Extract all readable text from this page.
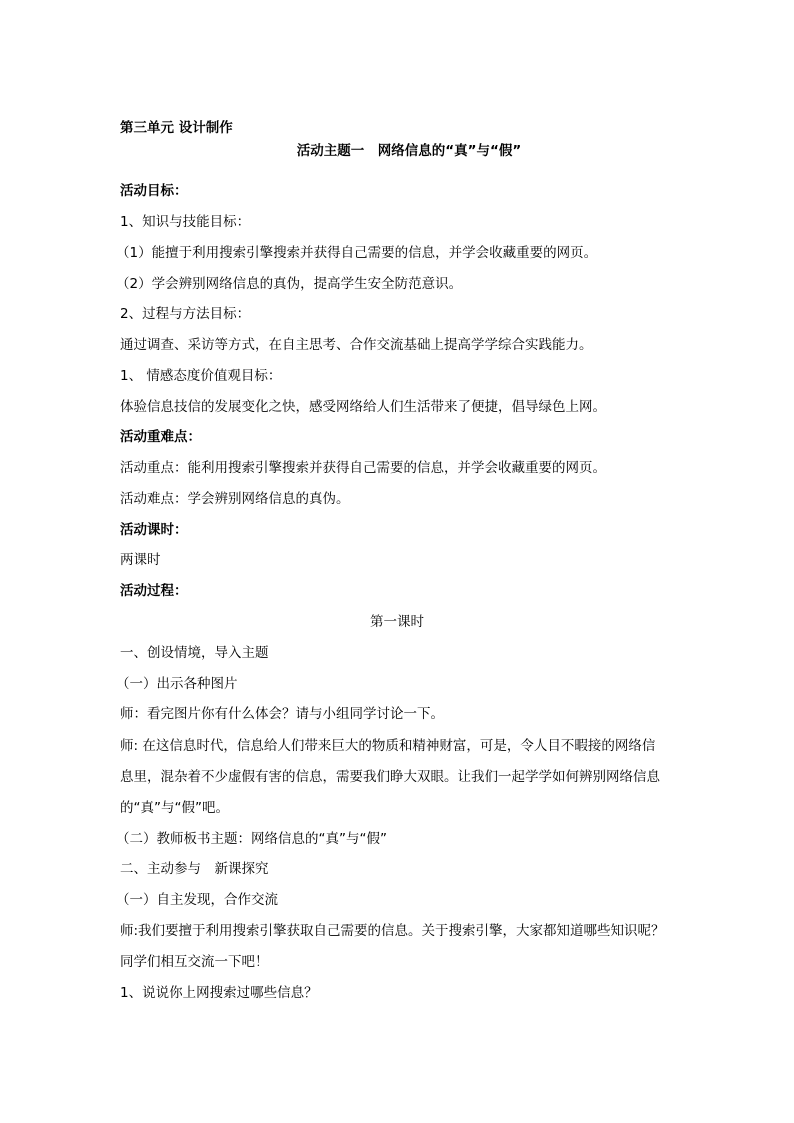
第三单元 设计制作
活动主题一　网络信息的“真”与“假”
活动目标：
1、知识与技能目标：
（1）能擅于利用搜索引擎搜索并获得自己需要的信息，并学会收藏重要的网页。
（2）学会辨别网络信息的真伪，提高学生安全防范意识。
2、过程与方法目标：
通过调查、采访等方式，在自主思考、合作交流基础上提高学学综合实践能力。
1、 情感态度价值观目标：
体验信息技信的发展变化之快，感受网络给人们生活带来了便捷，倡导绿色上网。
活动重难点：
活动重点：能利用搜索引擎搜索并获得自己需要的信息，并学会收藏重要的网页。
活动难点：学会辨别网络信息的真伪。
活动课时：
两课时
活动过程：
第一课时
一、创设情境，导入主题
（一）出示各种图片
师：看完图片你有什么体会？请与小组同学讨论一下。
师: 在这信息时代，信息给人们带来巨大的物质和精神财富，可是，令人目不暇接的网络信
息里，混杂着不少虚假有害的信息，需要我们睁大双眼。让我们一起学学如何辨别网络信息
的“真”与“假”吧。
（二）教师板书主题：网络信息的“真”与“假”
二、主动参与　新课探究
（一）自主发现，合作交流
师:我们要擅于利用搜索引擎获取自己需要的信息。关于搜索引擎，大家都知道哪些知识呢？
同学们相互交流一下吧！
1、说说你上网搜索过哪些信息？
